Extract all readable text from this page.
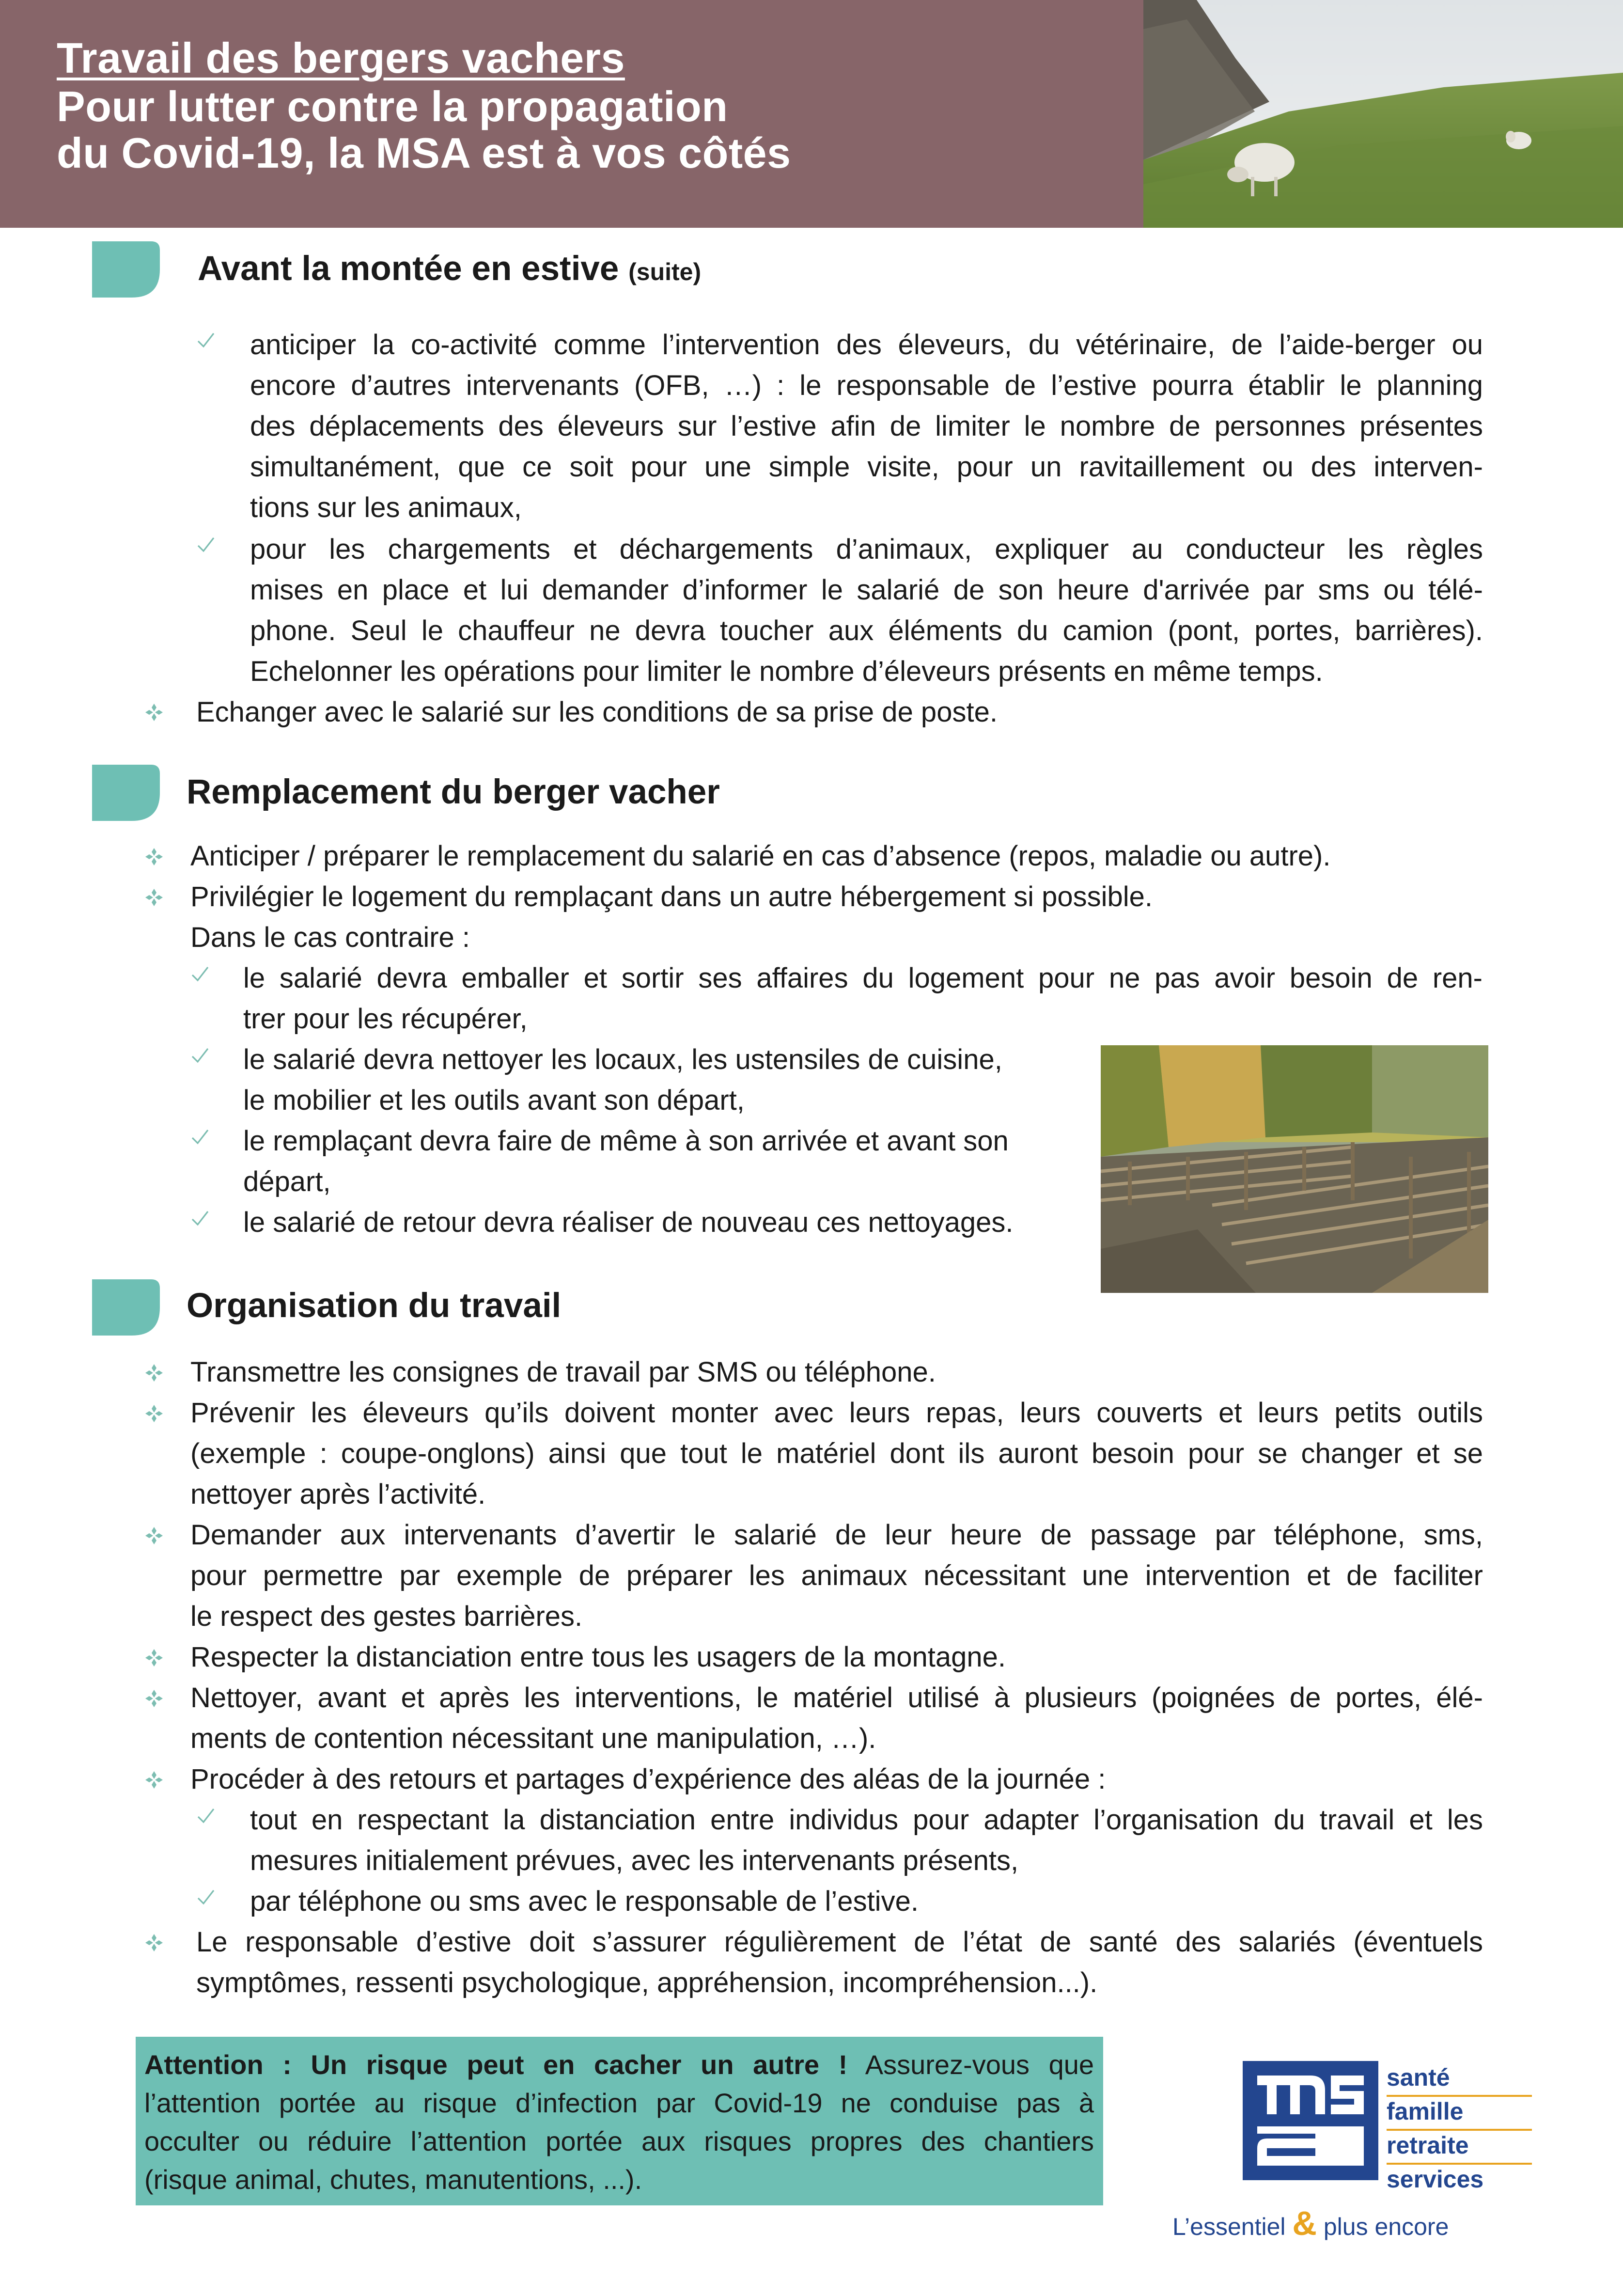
Travail des bergers vachers
Pour lutter contre la propagation
du Covid-19, la MSA est à vos côtés
Avant la montée en estive (suite)
anticiper la co-activité comme l’intervention des éleveurs, du vétérinaire, de l’aide-berger ou
encore d’autres intervenants (OFB, …) : le responsable de l’estive pourra établir le planning
des déplacements des éleveurs sur l’estive afin de limiter le nombre de personnes présentes
simultanément, que ce soit pour une simple visite, pour un ravitaillement ou des interven-
tions sur les animaux,
pour les chargements et déchargements d’animaux, expliquer au conducteur les règles
mises en place et lui demander d’informer le salarié de son heure d'arrivée par sms ou télé-
phone. Seul le chauffeur ne devra toucher aux éléments du camion (pont, portes, barrières).
Echelonner les opérations pour limiter le nombre d’éleveurs présents en même temps.
Echanger avec le salarié sur les conditions de sa prise de poste.
Remplacement du berger vacher
Anticiper / préparer le remplacement du salarié en cas d’absence (repos, maladie ou autre).
Privilégier le logement du remplaçant dans un autre hébergement si possible.
Dans le cas contraire :
le salarié devra emballer et sortir ses affaires du logement pour ne pas avoir besoin de ren-
trer pour les récupérer,
le salarié devra nettoyer les locaux, les ustensiles de cuisine,
le mobilier et les outils avant son départ,
le remplaçant devra faire de même à son arrivée et avant son
départ,
le salarié de retour devra réaliser de nouveau ces nettoyages.
Organisation du travail
Transmettre les consignes de travail par SMS ou téléphone.
Prévenir les éleveurs qu’ils doivent monter avec leurs repas, leurs couverts et leurs petits outils
(exemple : coupe-onglons) ainsi que tout le matériel dont ils auront besoin pour se changer et se
nettoyer après l’activité.
Demander aux intervenants d’avertir le salarié de leur heure de passage par téléphone, sms,
pour permettre par exemple de préparer les animaux nécessitant une intervention et de faciliter
le respect des gestes barrières.
Respecter la distanciation entre tous les usagers de la montagne.
Nettoyer, avant et après les interventions, le matériel utilisé à plusieurs (poignées de portes, élé-
ments de contention nécessitant une manipulation, …).
Procéder à des retours et partages d’expérience des aléas de la journée :
tout en respectant la distanciation entre individus pour adapter l’organisation du travail et les
mesures initialement prévues, avec les intervenants présents,
par téléphone ou sms avec le responsable de l’estive.
Le responsable d’estive doit s’assurer régulièrement de l’état de santé des salariés (éventuels
symptômes, ressenti psychologique, appréhension, incompréhension...).
Attention : Un risque peut en cacher un autre ! Assurez-vous que
l’attention portée au risque d’infection par Covid-19 ne conduise pas à
occulter ou réduire l’attention portée aux risques propres des chantiers
(risque animal, chutes, manutentions, ...).
santé
famille
retraite
services
L’essentiel & plus encore
